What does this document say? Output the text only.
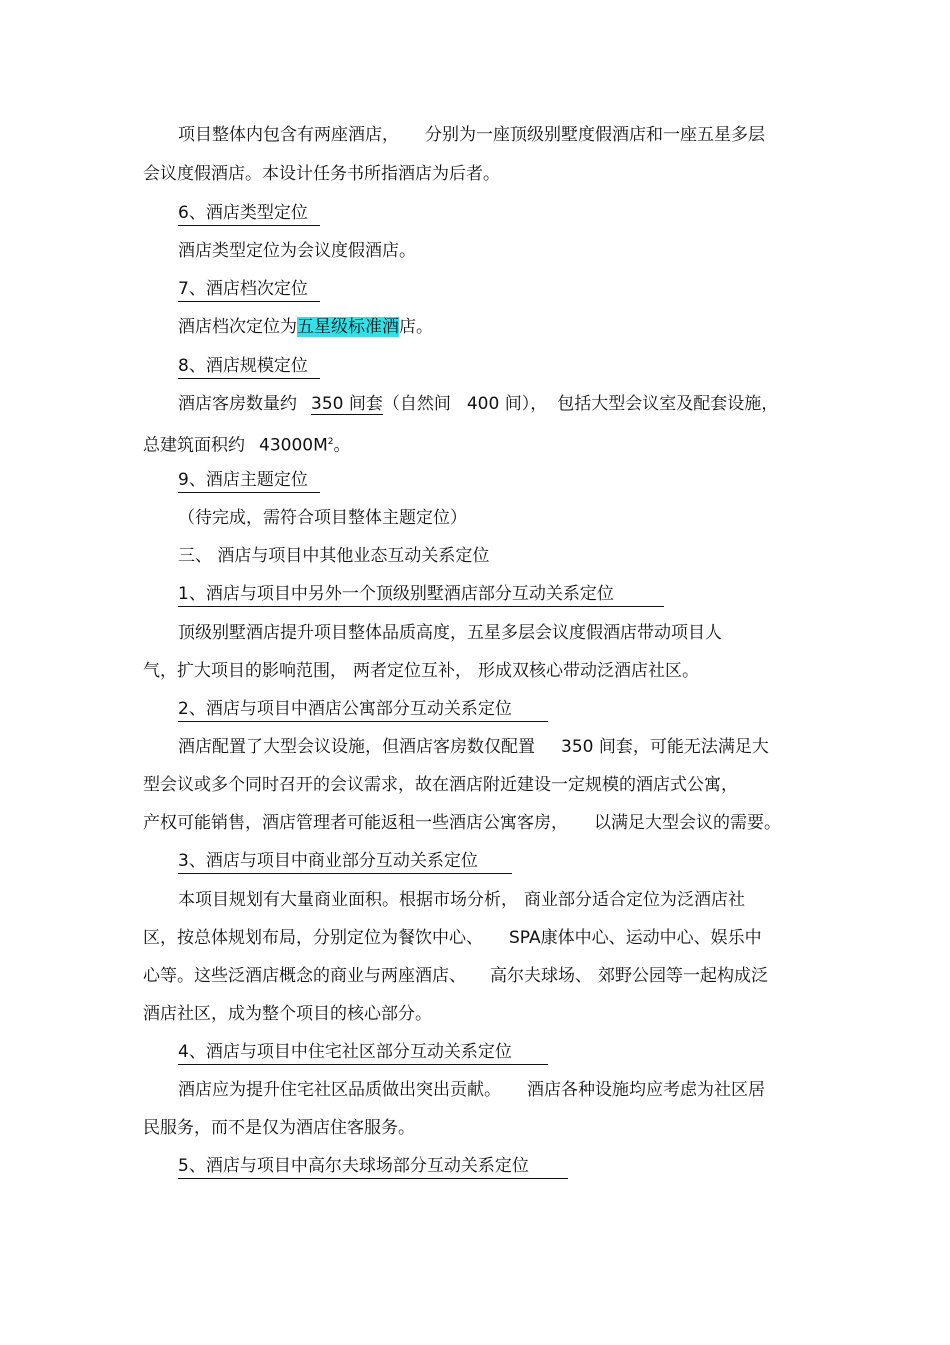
项目整体内包含有两座酒店， 分别为一座顶级别墅度假酒店和一座五星多层

会议度假酒店。本设计任务书所指酒店为后者。

6、酒店类型定位

酒店类型定位为会议度假酒店。

7、酒店档次定位

酒店档次定位为五星级标准酒店。

8、酒店规模定位

酒店客房数量约 350 间套（自然间 400 间）， 包括大型会议室及配套设施，

总建筑面积约 $43000M^2$。

9、酒店主题定位

（待完成，需符合项目整体主题定位）

三、 酒店与项目中其他业态互动关系定位

1、酒店与项目中另外一个顶级别墅酒店部分互动关系定位

顶级别墅酒店提升项目整体品质高度，五星多层会议度假酒店带动项目人

气，扩大项目的影响范围， 两者定位互补， 形成双核心带动泛酒店社区。

2、酒店与项目中酒店公寓部分互动关系定位

酒店配置了大型会议设施，但酒店客房数仅配置 350 间套，可能无法满足大

型会议或多个同时召开的会议需求，故在酒店附近建设一定规模的酒店式公寓，

产权可能销售，酒店管理者可能返租一些酒店公寓客房， 以满足大型会议的需要。

3、酒店与项目中商业部分互动关系定位

本项目规划有大量商业面积。根据市场分析， 商业部分适合定位为泛酒店社

区，按总体规划布局，分别定位为餐饮中心、 SPA康体中心、运动中心、娱乐中

心等。这些泛酒店概念的商业与两座酒店、 高尔夫球场、 郊野公园等一起构成泛

酒店社区，成为整个项目的核心部分。

4、酒店与项目中住宅社区部分互动关系定位

酒店应为提升住宅社区品质做出突出贡献。 酒店各种设施均应考虑为社区居

民服务，而不是仅为酒店住客服务。

5、酒店与项目中高尔夫球场部分互动关系定位
